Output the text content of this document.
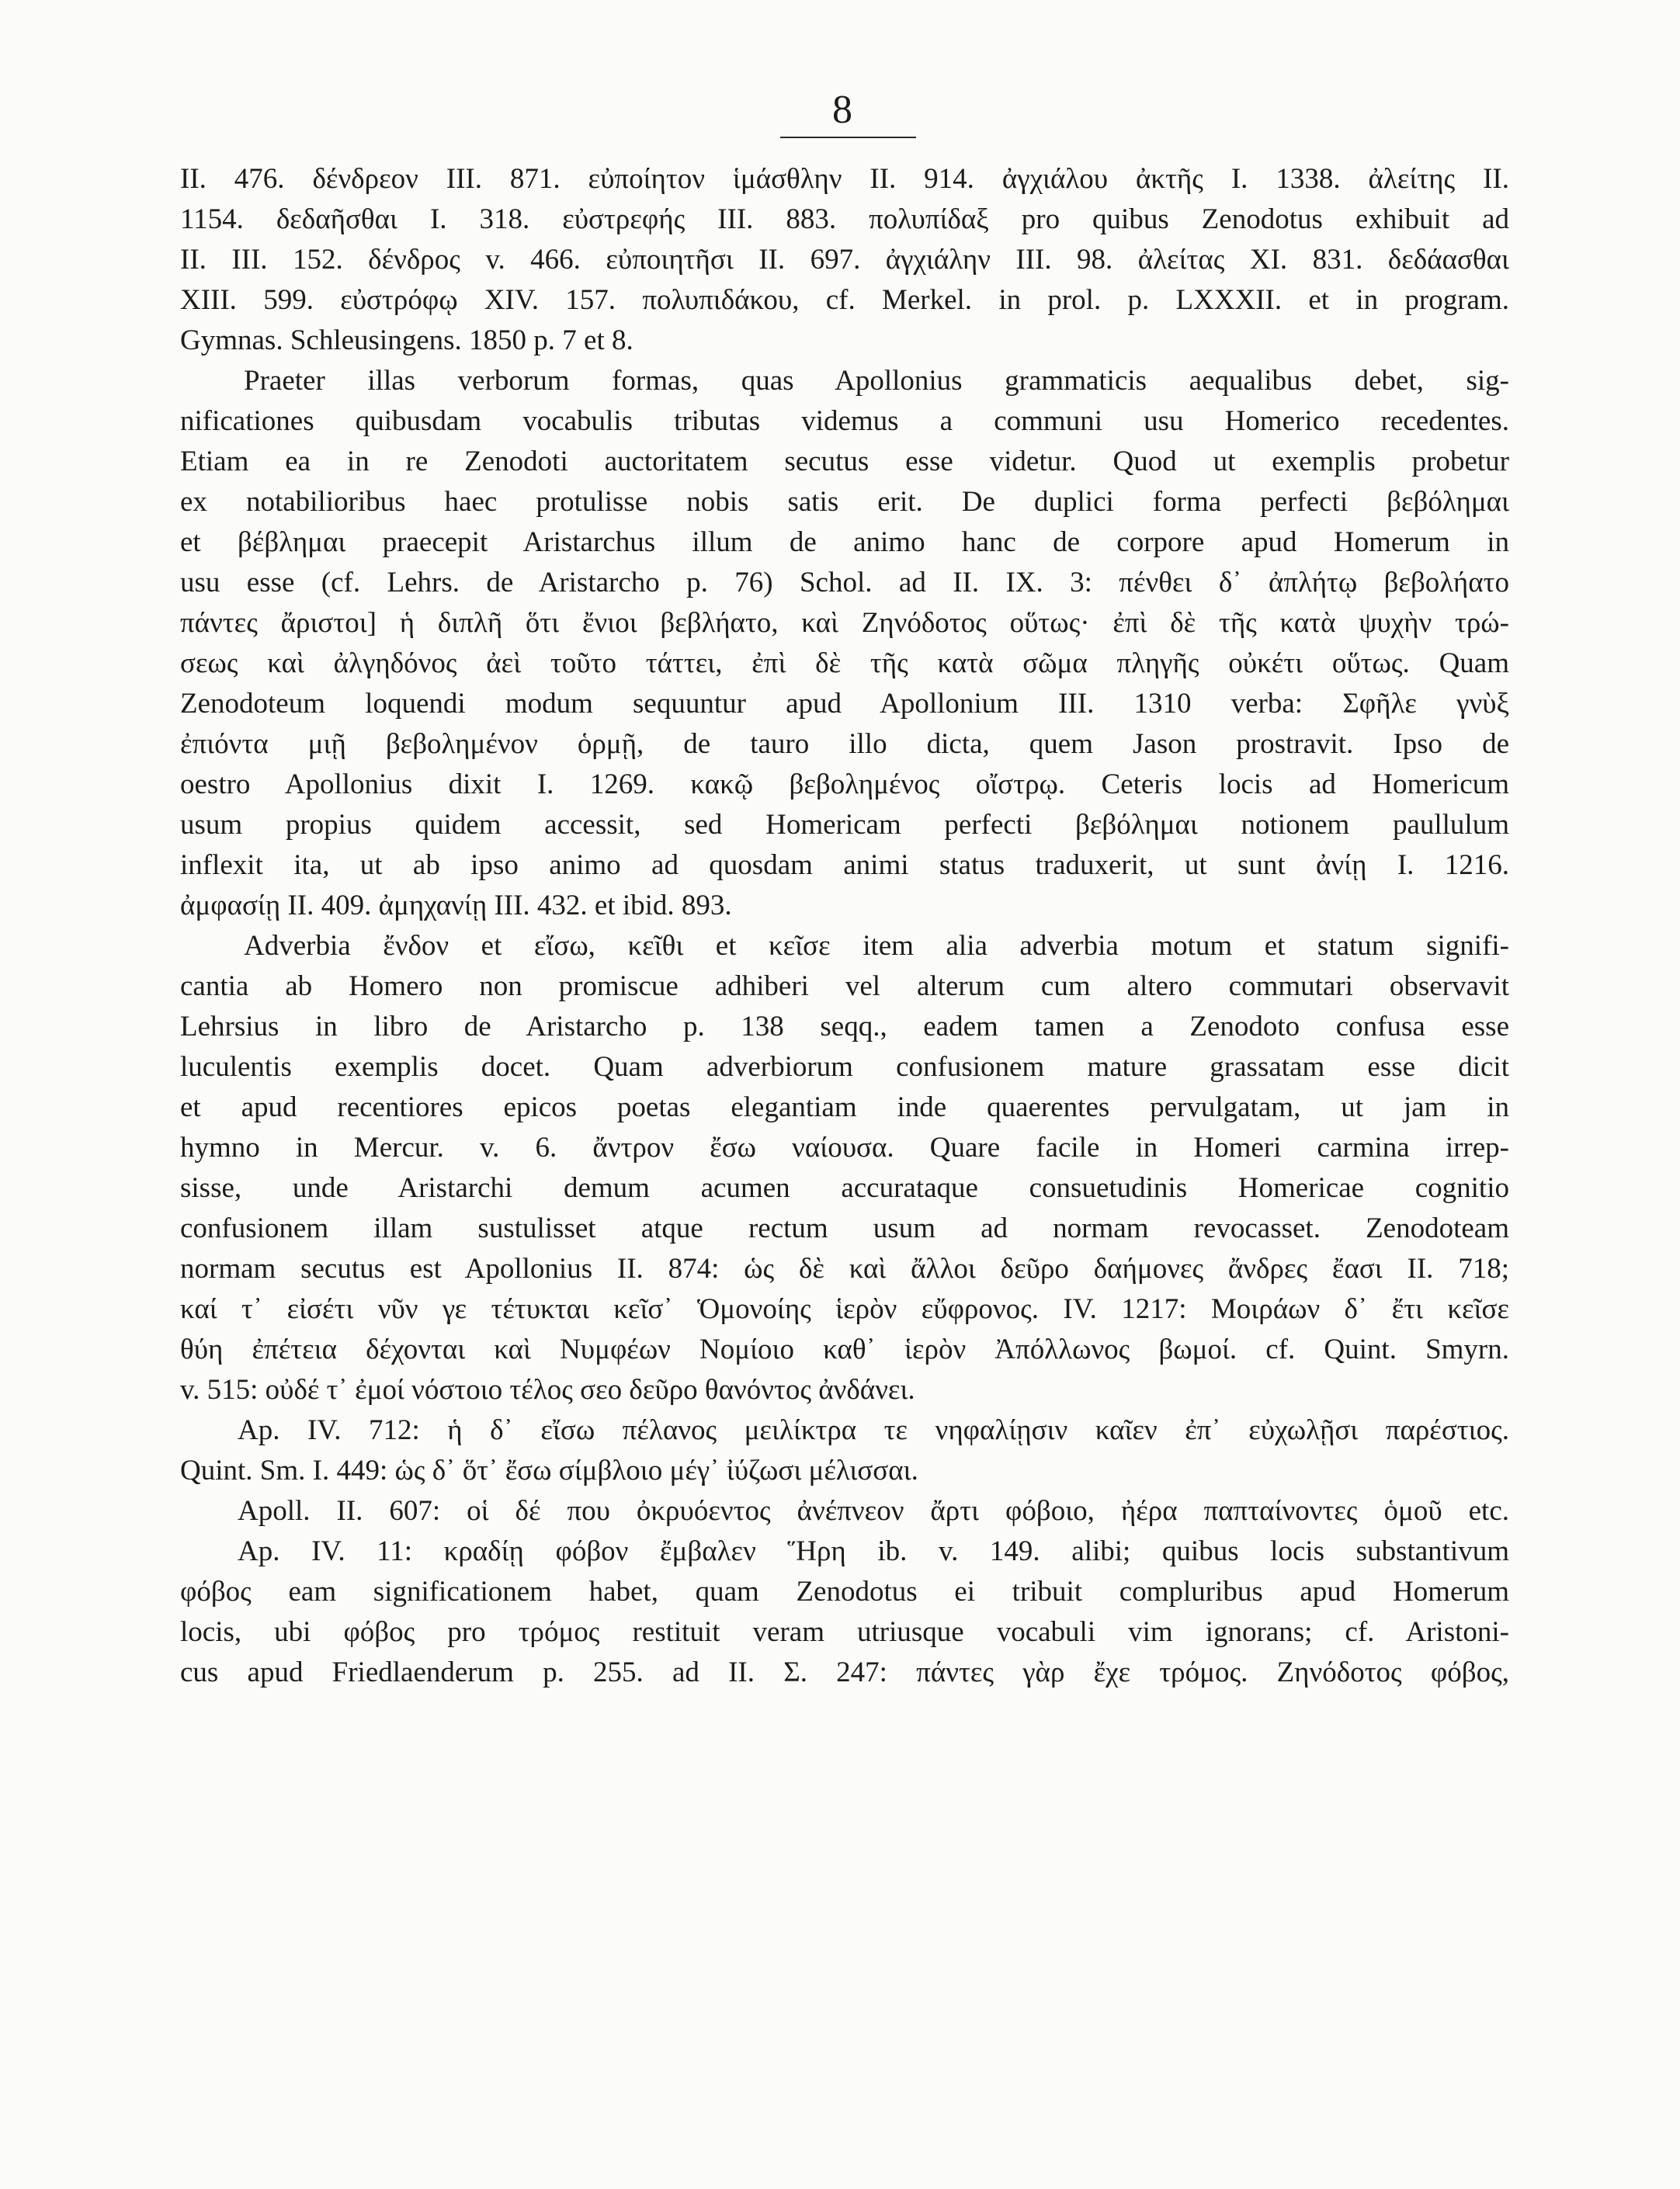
8
II. 476. δένδρεον III. 871. εὐποίητον ἱμάσθλην II. 914. ἀγχιάλου ἀκτῆς I. 1338. ἀλείτης II.
1154. δεδαῆσθαι I. 318. εὐστρεφής III. 883. πολυπίδαξ pro quibus Zenodotus exhibuit ad
II. III. 152. δένδρος v. 466. εὐποιητῆσι II. 697. ἀγχιάλην III. 98. ἀλείτας XI. 831. δεδάασθαι
XIII. 599. εὐστρόφῳ XIV. 157. πολυπιδάκου, cf. Merkel. in prol. p. LXXXII. et in program.
Gymnas. Schleusingens. 1850 p. 7 et 8.
Praeter illas verborum formas, quas Apollonius grammaticis aequalibus debet, sig-
nificationes quibusdam vocabulis tributas videmus a communi usu Homerico recedentes.
Etiam ea in re Zenodoti auctoritatem secutus esse videtur. Quod ut exemplis probetur
ex notabilioribus haec protulisse nobis satis erit. De duplici forma perfecti βεβόλημαι
et βέβλημαι praecepit Aristarchus illum de animo hanc de corpore apud Homerum in
usu esse (cf. Lehrs. de Aristarcho p. 76) Schol. ad II. IX. 3: πένθει δ᾽ ἀπλήτῳ βεβολήατο
πάντες ἄριστοι] ἡ διπλῆ ὅτι ἔνιοι βεβλήατο, καὶ Ζηνόδοτος οὕτως· ἐπὶ δὲ τῆς κατὰ ψυχὴν τρώ-
σεως καὶ ἀλγηδόνος ἀεὶ τοῦτο τάττει, ἐπὶ δὲ τῆς κατὰ σῶμα πληγῆς οὐκέτι οὕτως. Quam
Zenodoteum loquendi modum sequuntur apud Apollonium III. 1310 verba: Σφῆλε γνὺξ
ἐπιόντα μιῇ βεβολημένον ὁρμῇ, de tauro illo dicta, quem Jason prostravit. Ipso de
oestro Apollonius dixit I. 1269. κακῷ βεβολημένος οἴστρῳ. Ceteris locis ad Homericum
usum propius quidem accessit, sed Homericam perfecti βεβόλημαι notionem paullulum
inflexit ita, ut ab ipso animo ad quosdam animi status traduxerit, ut sunt ἀνίῃ I. 1216.
ἀμφασίῃ II. 409. ἀμηχανίῃ III. 432. et ibid. 893.
Adverbia ἔνδον et εἴσω, κεῖθι et κεῖσε item alia adverbia motum et statum signifi-
cantia ab Homero non promiscue adhiberi vel alterum cum altero commutari observavit
Lehrsius in libro de Aristarcho p. 138 seqq., eadem tamen a Zenodoto confusa esse
luculentis exemplis docet. Quam adverbiorum confusionem mature grassatam esse dicit
et apud recentiores epicos poetas elegantiam inde quaerentes pervulgatam, ut jam in
hymno in Mercur. v. 6. ἄντρον ἔσω ναίουσα. Quare facile in Homeri carmina irrep-
sisse, unde Aristarchi demum acumen accurataque consuetudinis Homericae cognitio
confusionem illam sustulisset atque rectum usum ad normam revocasset. Zenodoteam
normam secutus est Apollonius II. 874: ὡς δὲ καὶ ἄλλοι δεῦρο δαήμονες ἄνδρες ἔασι II. 718;
καί τ᾽ εἰσέτι νῦν γε τέτυκται κεῖσ᾽ Ὁμονοίης ἱερὸν εὔφρονος. IV. 1217: Μοιράων δ᾽ ἔτι κεῖσε
θύη ἐπέτεια δέχονται καὶ Νυμφέων Νομίοιο καθ᾽ ἱερὸν Ἀπόλλωνος βωμοί. cf. Quint. Smyrn.
v. 515: οὐδέ τ᾽ ἐμοί νόστοιο τέλος σεο δεῦρο θανόντος ἀνδάνει.
Ap. IV. 712: ἡ δ᾽ εἴσω πέλανος μειλίκτρα τε νηφαλίῃσιν καῖεν ἐπ᾽ εὐχωλῇσι παρέστιος.
Quint. Sm. I. 449: ὡς δ᾽ ὅτ᾽ ἔσω σίμβλοιο μέγ᾽ ἰύζωσι μέλισσαι.
Apoll. II. 607: οἱ δέ που ὀκρυόεντος ἀνέπνεον ἄρτι φόβοιο, ἠέρα παπταίνοντες ὁμοῦ etc.
Ap. IV. 11: κραδίῃ φόβον ἔμβαλεν Ἥρη ib. v. 149. alibi; quibus locis substantivum
φόβος eam significationem habet, quam Zenodotus ei tribuit compluribus apud Homerum
locis, ubi φόβος pro τρόμος restituit veram utriusque vocabuli vim ignorans; cf. Aristoni-
cus apud Friedlaenderum p. 255. ad II. Σ. 247: πάντες γὰρ ἔχε τρόμος. Ζηνόδοτος φόβος,
